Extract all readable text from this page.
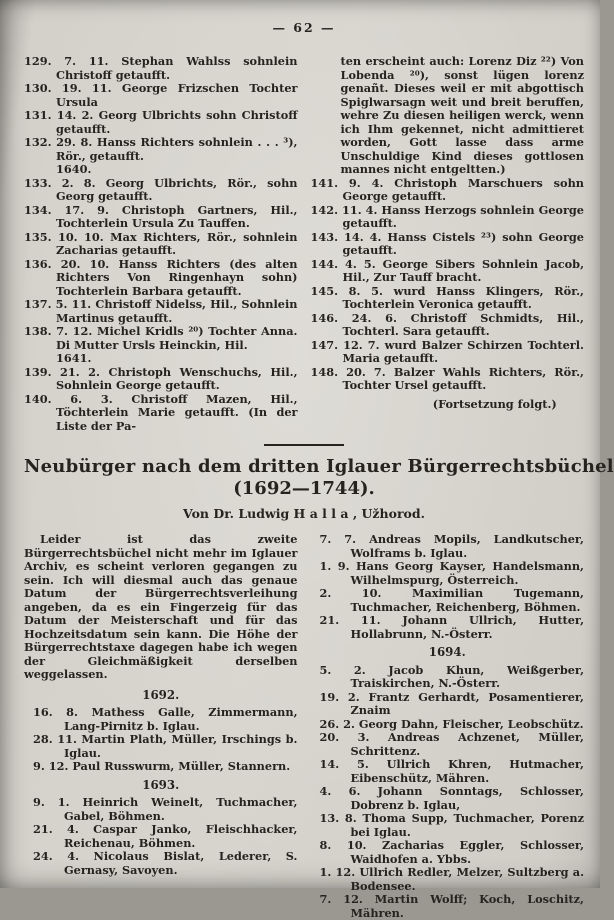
— 62 —
129. 7. 11. Stephan Wahlss sohnlein Christoff getaufft.
130. 19. 11. George Frizschen Tochter Ursula
131. 14. 2. Georg Ulbrichts sohn Christoff getaufft.
132. 29. 8. Hanss Richters sohnlein . . . ³), Rör., getaufft.
1640.
133. 2. 8. Georg Ulbrichts, Rör., sohn Georg getaufft.
134. 17. 9. Christoph Gartners, Hil., Tochterlein Ursula Zu Tauffen.
135. 10. 10. Max Richters, Rör., sohnlein Zacharias getaufft.
136. 20. 10. Hanss Richters (des alten Richters Von Ringenhayn sohn) Tochterlein Barbara getaufft.
137. 5. 11. Christoff Nidelss, Hil., Sohnlein Martinus getaufft.
138. 7. 12. Michel Kridls ²⁰) Tochter Anna. Di Mutter Ursls Heinckin, Hil.
1641.
139. 21. 2. Christoph Wenschuchs, Hil., Sohnlein George getaufft.
140. 6. 3. Christoff Mazen, Hil., Töchterlein Marie getaufft. (In der Liste der Pa-
ten erscheint auch: Lorenz Diz ²²) Von Lobenda ²⁰), sonst lügen lorenz genañt. Dieses weil er mit abgottisch Spiglwarsagn weit und breit beruffen, wehre Zu diesen heiligen werck, wenn ich Ihm gekennet, nicht admittieret worden, Gott lasse dass arme Unschuldige Kind dieses gottlosen mannes nicht entgeltten.)
141. 9. 4. Christoph Marschuers sohn George getaufft.
142. 11. 4. Hanss Herzogs sohnlein George getaufft.
143. 14. 4. Hanss Cistels ²³) sohn George getaufft.
144. 4. 5. George Sibers Sohnlein Jacob, Hil., Zur Tauff bracht.
145. 8. 5. wurd Hanss Klingers, Rör., Tochterlein Veronica getaufft.
146. 24. 6. Christoff Schmidts, Hil., Tochterl. Sara getaufft.
147. 12. 7. wurd Balzer Schirzen Tochterl. Maria getaufft.
148. 20. 7. Balzer Wahls Richters, Rör., Tochter Ursel getaufft.
(Fortsetzung folgt.)
Neubürger nach dem dritten Iglauer Bürgerrechtsbüchel
(1692—1744).
Von Dr. Ludwig H a l l a , Užhorod.
Leider ist das zweite Bürgerrechtsbüchel nicht mehr im Iglauer Archiv, es scheint verloren gegangen zu sein. Ich will diesmal auch das genaue Datum der Bürgerrechtsverleihung angeben, da es ein Fingerzeig für das Datum der Meisterschaft und für das Hochzeitsdatum sein kann. Die Höhe der Bürgerrechtstaxe dagegen habe ich wegen der Gleichmäßigkeit derselben weggelassen.
1692.
16. 8. Mathess Galle, Zimmermann, Lang-Pirnitz b. Iglau.
28. 11. Martin Plath, Müller, Irschings b. Iglau.
9. 12. Paul Russwurm, Müller, Stannern.
1693.
9. 1. Heinrich Weinelt, Tuchmacher, Gabel, Böhmen.
21. 4. Caspar Janko, Fleischhacker, Reichenau, Böhmen.
24. 4. Nicolaus Bislat, Lederer, S. Gernasy, Savoyen.
7. 7. Andreas Mopils, Landkutscher, Wolframs b. Iglau.
1. 9. Hans Georg Kayser, Handelsmann, Wilhelmspurg, Österreich.
2. 10. Maximilian Tugemann, Tuchmacher, Reichenberg, Böhmen.
21. 11. Johann Ullrich, Hutter, Hollabrunn, N.-Österr.
1694.
5. 2. Jacob Khun, Weißgerber, Traiskirchen, N.-Österr.
19. 2. Frantz Gerhardt, Posamentierer, Znaim
26. 2. Georg Dahn, Fleischer, Leobschütz.
20. 3. Andreas Achzenet, Müller, Schrittenz.
14. 5. Ullrich Khren, Hutmacher, Eibenschütz, Mähren.
4. 6. Johann Sonntags, Schlosser, Dobrenz b. Iglau,
13. 8. Thoma Supp, Tuchmacher, Porenz bei Iglau.
8. 10. Zacharias Eggler, Schlosser, Waidhofen a. Ybbs.
1. 12. Ullrich Redler, Melzer, Sultzberg a. Bodensee.
7. 12. Martin Wolff; Koch, Loschitz, Mähren.
